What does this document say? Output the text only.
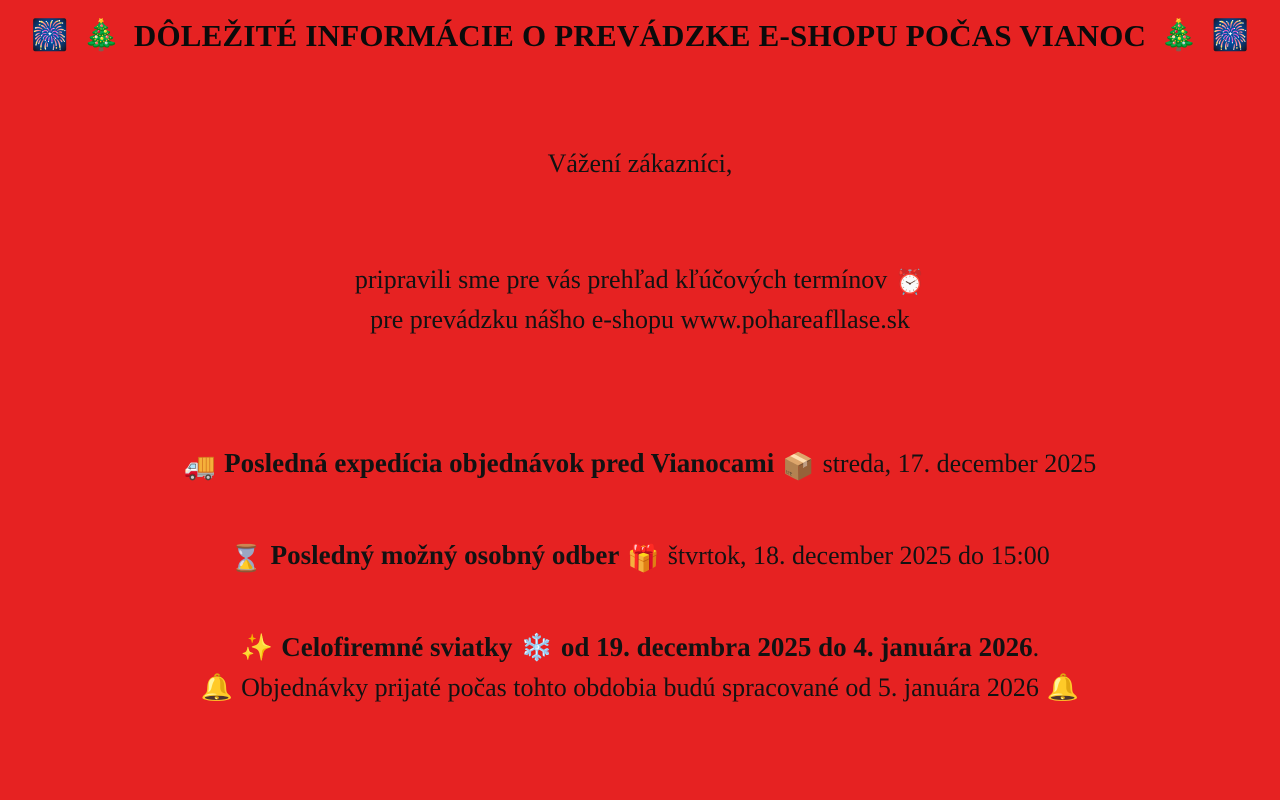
🎆 🎄 DÔLEŽITÉ INFORMÁCIE O PREVÁDZKE E-SHOPU POČAS VIANOC 🎄 🎆
Vážení zákazníci,
pripravili sme pre vás prehľad kľúčových termínov ⏰
pre prevádzku nášho e-shopu www.pohareafllase.sk
🚚 Posledná expedícia objednávok pred Vianocami 📦 streda, 17. december 2025
⌛ Posledný možný osobný odber 🎁 štvrtok, 18. december 2025 do 15:00
✨ Celofiremné sviatky ❄️ od 19. decembra 2025 do 4. januára 2026.
🔔 Objednávky prijaté počas tohto obdobia budú spracované od 5. januára 2026 🔔
